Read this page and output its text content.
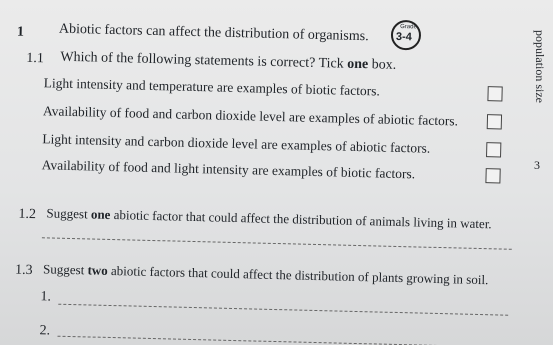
1 Abiotic factors can affect the distribution of organisms.	Grade
3-4
1.1 Which of the following statements is correct? Tick one box.
Light intensity and temperature are examples of biotic factors.
Availability of food and carbon dioxide level are examples of abiotic factors.
Light intensity and carbon dioxide level are examples of abiotic factors.
Availability of food and light intensity are examples of biotic factors.
1.2 Suggest one abiotic factor that could affect the distribution of animals living in water.
1.3 Suggest two abiotic factors that could affect the distribution of plants growing in soil.
1.
2.
population size
3
